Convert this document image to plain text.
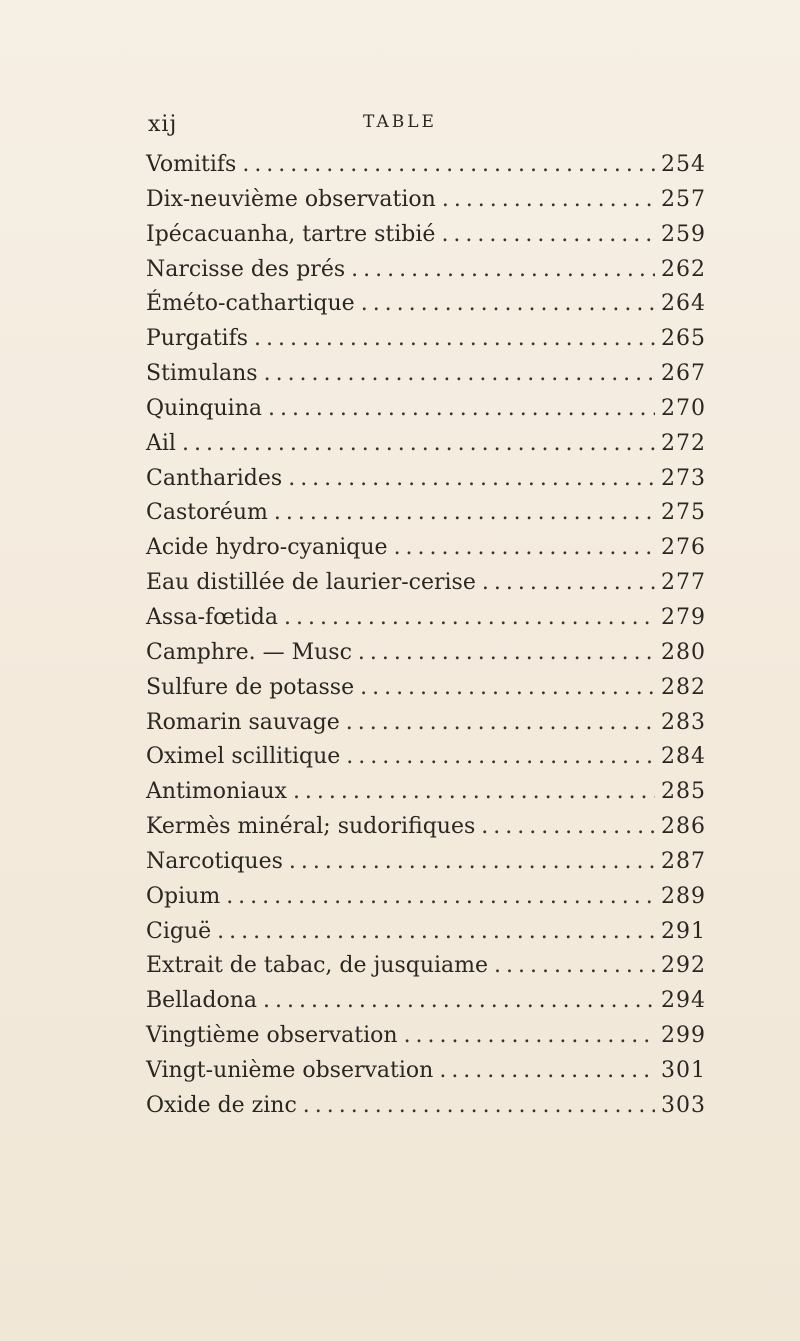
xij	TABLE
Vomitifs . . .	254
Dix-neuvième observation . . .	257
Ipécacuanha, tartre stibié . . .	259
Narcisse des prés . . .	262
Éméto-cathartique . . .	264
Purgatifs . . .	265
Stimulans . . .	267
Quinquina . . .	270
Ail . . .	272
Cantharides . . .	273
Castoréum . . .	275
Acide hydro-cyanique . . .	276
Eau distillée de laurier-cerise . . .	277
Assa-fœtida . . .	279
Camphre. — Musc . . .	280
Sulfure de potasse . . .	282
Romarin sauvage . . .	283
Oximel scillitique . . .	284
Antimoniaux . . .	285
Kermès minéral; sudorifiques . . .	286
Narcotiques . . .	287
Opium . . .	289
Ciguë . . .	291
Extrait de tabac, de jusquiame . . .	292
Belladona . . .	294
Vingtième observation . . .	299
Vingt-unième observation . . .	301
Oxide de zinc . . .	303
